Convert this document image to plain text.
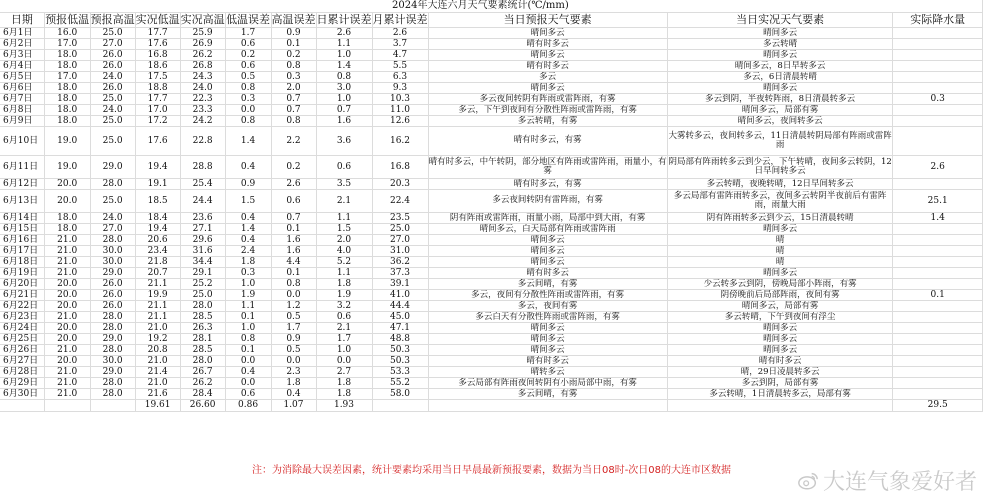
2024年大连六月天气要素统计(℃/mm)											
日期	预报低温	预报高温	实况低温	实况高温	低温误差	高温误差	日累计误差	月累计误差	当日预报天气要素	当日实况天气要素	实际降水量
6月1日	16.0	25.0	17.7	25.9	1.7	0.9	2.6	2.6	晴间多云	晴间多云	
6月2日	17.0	27.0	17.6	26.9	0.6	0.1	1.1	3.7	晴有时多云	多云转晴	
6月3日	18.0	26.0	16.8	26.2	0.2	0.2	1.0	4.7	晴间多云	晴间多云	
6月4日	18.0	26.0	18.6	26.8	0.6	0.8	1.4	5.5	晴有时多云	晴间多云，8日早转多云	
6月5日	17.0	24.0	17.5	24.3	0.5	0.3	0.8	6.3	多云	多云，6日清晨转晴	
6月6日	18.0	26.0	18.8	24.0	0.8	2.0	3.0	9.3	晴间多云	晴间多云	
6月7日	18.0	25.0	17.7	22.3	0.3	0.7	1.0	10.3	多云夜间转阴有阵雨或雷阵雨，有雾	多云到阴，半夜转阵雨，8日清晨转多云	0.3
6月8日	18.0	24.0	17.0	23.3	0.0	0.7	0.7	11.0	多云，下午到夜间有分散性阵雨或雷阵雨，有雾	晴间多云，局部有雾	
6月9日	18.0	25.0	17.2	24.2	0.8	0.8	1.6	12.6	多云转晴，有雾	晴间多云，夜间转多云	
6月10日	19.0	25.0	17.6	22.8	1.4	2.2	3.6	16.2	晴有时多云，有雾	大雾转多云，夜间转多云，11日清晨转阴局部有阵雨或雷阵雨	
6月11日	19.0	29.0	19.4	28.8	0.4	0.2	0.6	16.8	晴有时多云，中午转阴，部分地区有阵雨或雷阵雨，雨量小，有雾	阴局部有阵雨转多云到少云，下午转晴，夜间多云转阴，12日早间转多云	2.6
6月12日	20.0	28.0	19.1	25.4	0.9	2.6	3.5	20.3	晴有时多云，有雾	多云转晴，夜晚转晴，12日早间转多云	
6月13日	20.0	25.0	18.5	24.4	1.5	0.6	2.1	22.4	多云夜间转阴有雷阵雨，有雾	多云局部有雷阵雨转多云，夜间多云转阴半夜前后有雷阵雨，雨量大雨	25.1
6月14日	18.0	24.0	18.4	23.6	0.4	0.7	1.1	23.5	阴有阵雨或雷阵雨，雨量小雨，局部中到大雨，有雾	阴有阵雨转多云到少云，15日清晨转晴	1.4
6月15日	18.0	27.0	19.4	27.1	1.4	0.1	1.5	25.0	晴间多云，白天局部有阵雨或雷阵雨	晴间多云	
6月16日	21.0	28.0	20.6	29.6	0.4	1.6	2.0	27.0	晴间多云	晴	
6月17日	21.0	30.0	23.4	31.6	2.4	1.6	4.0	31.0	晴间多云	晴	
6月18日	21.0	30.0	21.8	34.4	1.8	4.4	5.2	36.2	晴间多云	晴	
6月19日	21.0	29.0	20.7	29.1	0.3	0.1	1.1	37.3	晴有时多云	晴间多云	
6月20日	20.0	26.0	21.1	25.2	1.0	0.8	1.8	39.1	多云间晴，有雾	少云转多云到阴，傍晚局部小阵雨，有雾	
6月21日	20.0	26.0	19.9	25.0	1.9	0.0	1.9	41.0	多云，夜间有分散性阵雨或雷阵雨，有雾	阴傍晚前后局部阵雨，夜间有雾	0.1
6月22日	20.0	26.0	21.1	28.0	1.1	1.2	3.2	44.4	多云，夜间有雾	晴间多云，局部有雾	
6月23日	21.0	28.0	21.1	28.5	0.1	0.5	0.6	45.0	多云白天有分散性阵雨或雷阵雨，有雾	多云转晴，下午到夜间有浮尘	
6月24日	20.0	28.0	21.0	26.3	1.0	1.7	2.1	47.1	晴间多云	晴间多云	
6月25日	20.0	29.0	19.2	28.1	0.8	0.9	1.7	48.8	晴间多云	晴间多云	
6月26日	21.0	28.0	20.8	28.5	0.1	0.5	1.0	50.3	晴间多云	晴间多云	
6月27日	20.0	30.0	21.0	28.0	0.0	0.0	0.0	50.3	晴有时多云	晴有时多云	
6月28日	21.0	29.0	21.4	26.7	0.4	2.3	2.7	53.3	晴转多云	晴，29日凌晨转多云	
6月29日	21.0	28.0	21.0	26.2	0.0	1.8	1.8	55.2	多云局部有阵雨夜间转阴有小雨局部中雨，有雾	多云到阴，局部有雾	
6月30日	21.0	28.0	21.6	28.4	0.6	0.4	1.8	58.0	多云间晴，有雾	多云转晴，1日清晨转多云，局部有雾	
			19.61	26.60	0.86	1.07	1.93				29.5
注：为消除最大误差因素，统计要素均采用当日早晨最新预报要素，数据为当日08时-次日08的大连市区数据	大连气象爱好者
